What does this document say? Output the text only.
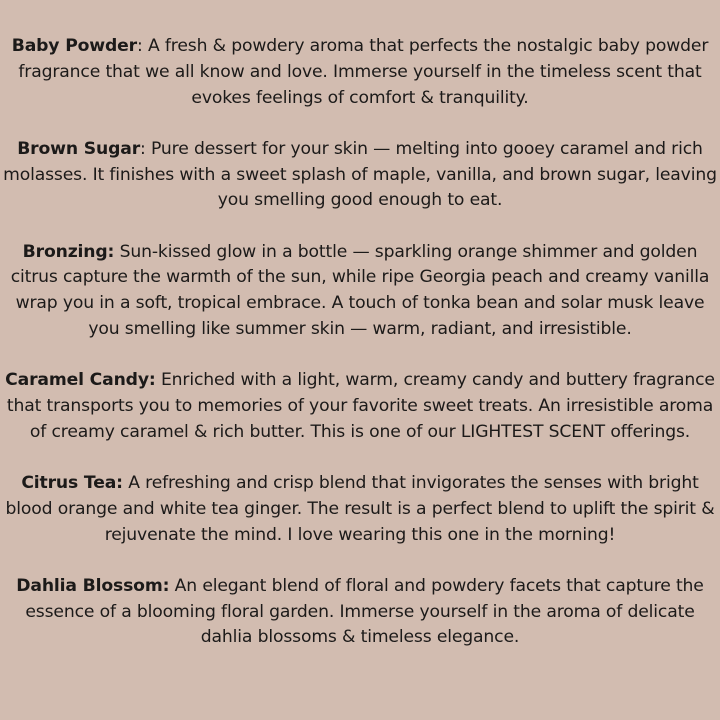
Baby Powder: A fresh & powdery aroma that perfects the nostalgic baby powder fragrance that we all know and love. Immerse yourself in the timeless scent that evokes feelings of comfort & tranquility.

Brown Sugar: Pure dessert for your skin — melting into gooey caramel and rich molasses. It finishes with a sweet splash of maple, vanilla, and brown sugar, leaving you smelling good enough to eat.

Bronzing: Sun-kissed glow in a bottle — sparkling orange shimmer and golden citrus capture the warmth of the sun, while ripe Georgia peach and creamy vanilla wrap you in a soft, tropical embrace. A touch of tonka bean and solar musk leave you smelling like summer skin — warm, radiant, and irresistible.

Caramel Candy: Enriched with a light, warm, creamy candy and buttery fragrance that transports you to memories of your favorite sweet treats. An irresistible aroma of creamy caramel & rich butter. This is one of our LIGHTEST SCENT offerings.

Citrus Tea: A refreshing and crisp blend that invigorates the senses with bright blood orange and white tea ginger. The result is a perfect blend to uplift the spirit & rejuvenate the mind. I love wearing this one in the morning!

Dahlia Blossom: An elegant blend of floral and powdery facets that capture the essence of a blooming floral garden. Immerse yourself in the aroma of delicate dahlia blossoms & timeless elegance.
